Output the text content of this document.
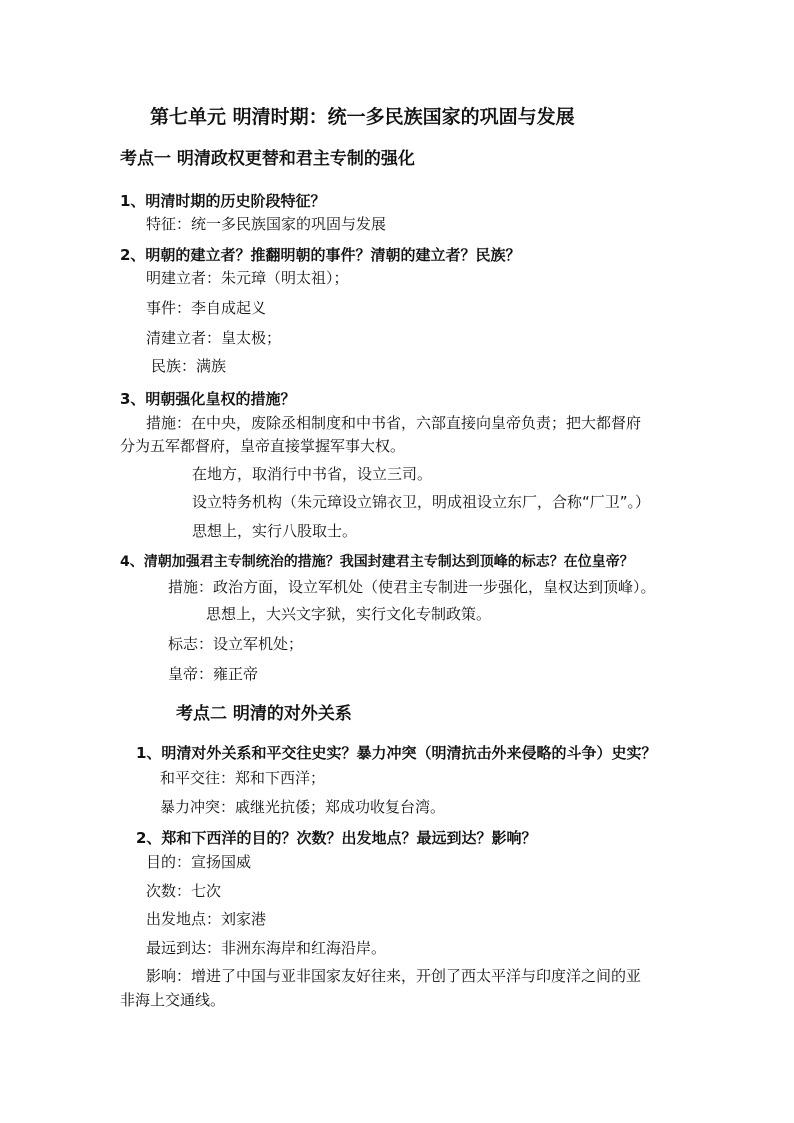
第七单元 明清时期：统一多民族国家的巩固与发展
考点一 明清政权更替和君主专制的强化
1、明清时期的历史阶段特征？
特征：统一多民族国家的巩固与发展
2、明朝的建立者？推翻明朝的事件？清朝的建立者？民族？
明建立者：朱元璋（明太祖）；
事件：李自成起义
清建立者：皇太极；
民族：满族
3、明朝强化皇权的措施？
措施：在中央，废除丞相制度和中书省，六部直接向皇帝负责；把大都督府
分为五军都督府，皇帝直接掌握军事大权。
在地方，取消行中书省，设立三司。
设立特务机构（朱元璋设立锦衣卫，明成祖设立东厂，合称“厂卫”。）
思想上，实行八股取士。
4、清朝加强君主专制统治的措施？我国封建君主专制达到顶峰的标志？在位皇帝？
措施：政治方面，设立军机处（使君主专制进一步强化，皇权达到顶峰）。
思想上，大兴文字狱，实行文化专制政策。
标志：设立军机处；
皇帝：雍正帝
考点二 明清的对外关系
1、明清对外关系和平交往史实？暴力冲突（明清抗击外来侵略的斗争）史实？
和平交往：郑和下西洋；
暴力冲突：戚继光抗倭；郑成功收复台湾。
2、郑和下西洋的目的？次数？出发地点？最远到达？影响？
目的：宣扬国威
次数：七次
出发地点：刘家港
最远到达：非洲东海岸和红海沿岸。
影响：增进了中国与亚非国家友好往来，开创了西太平洋与印度洋之间的亚
非海上交通线。
